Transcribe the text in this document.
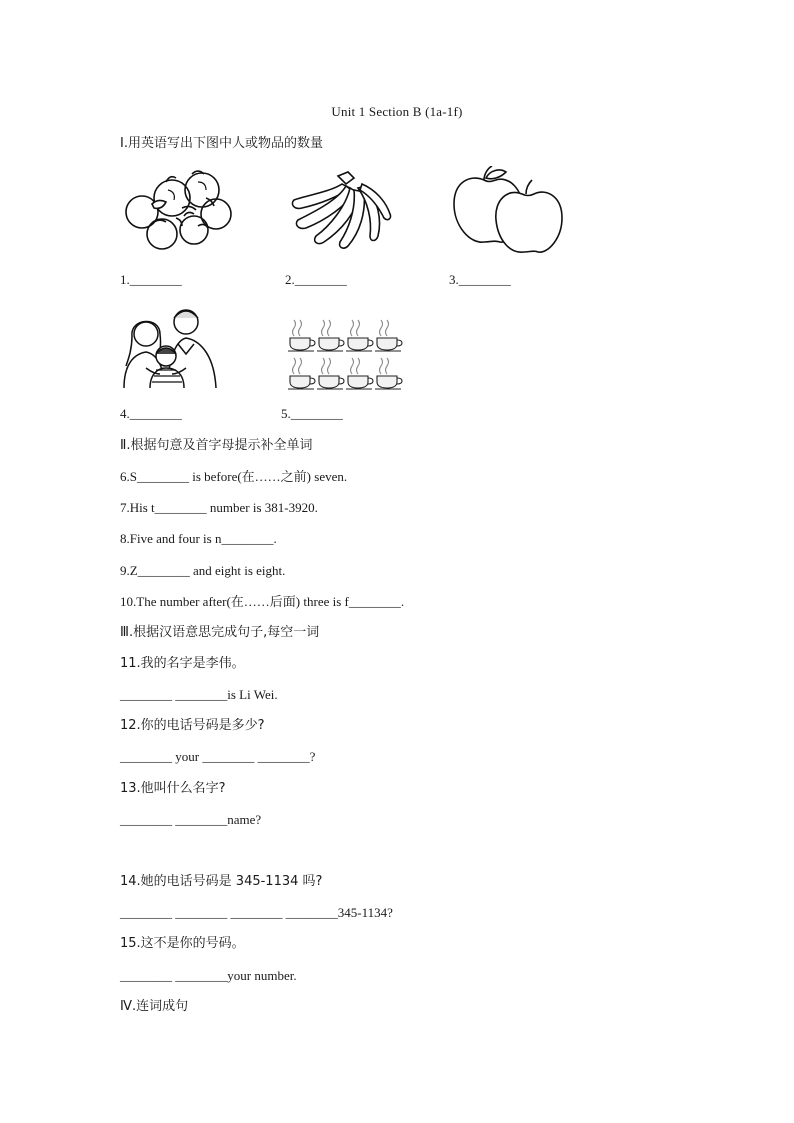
Unit 1 Section B (1a-1f)
Ⅰ.用英语写出下图中人或物品的数量
1.________	2.________	3.________
4.________	5.________
Ⅱ.根据句意及首字母提示补全单词
6.S________ is before(在……之前) seven.
7.His t________ number is 381-3920.
8.Five and four is n________.
9.Z________ and eight is eight.
10.The number after(在……后面) three is f________.
Ⅲ.根据汉语意思完成句子,每空一词
11.我的名字是李伟。
________ ________is Li Wei.
12.你的电话号码是多少?
________ your ________ ________?
13.他叫什么名字?
________ ________name?
14.她的电话号码是 345-1134 吗?
________ ________ ________ ________345-1134?
15.这不是你的号码。
________ ________your number.
Ⅳ.连词成句
